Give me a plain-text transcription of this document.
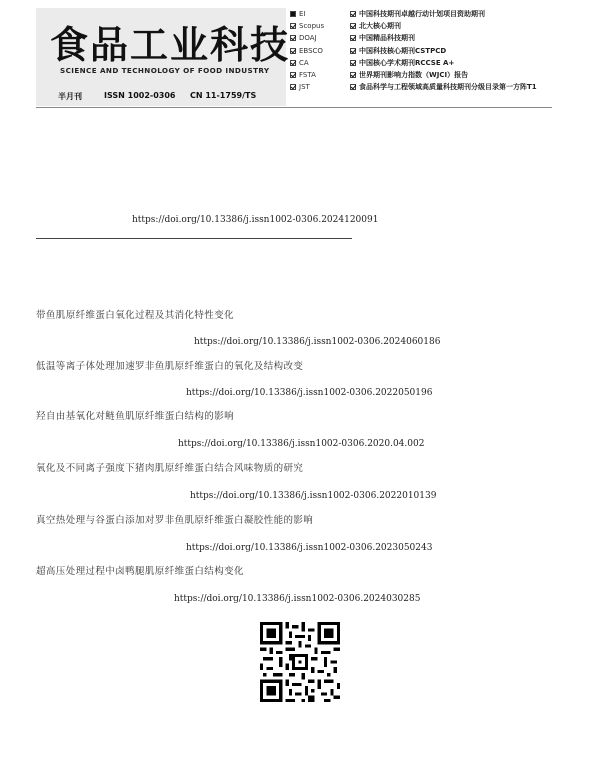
食品工业科技
SCIENCE AND TECHNOLOGY OF FOOD INDUSTRY
半月刊	ISSN 1002-0306 CN 11-1759/TS
EI
Scopus
DOAJ
EBSCO
CA
FSTA
JST
中国科技期刊卓越行动计划项目资助期刊
北大核心期刊
中国精品科技期刊
中国科技核心期刊CSTPCD
中国核心学术期刊RCCSE A+
世界期刊影响力指数（WJCI）报告
食品科学与工程领域高质量科技期刊分级目录第一方阵T1
https://doi.org/10.13386/j.issn1002-0306.2024120091
带鱼肌原纤维蛋白氧化过程及其消化特性变化
https://doi.org/10.13386/j.issn1002-0306.2024060186
低温等离子体处理加速罗非鱼肌原纤维蛋白的氧化及结构改变
https://doi.org/10.13386/j.issn1002-0306.2022050196
羟自由基氧化对鲢鱼肌原纤维蛋白结构的影响
https://doi.org/10.13386/j.issn1002-0306.2020.04.002
氧化及不同离子强度下猪肉肌原纤维蛋白结合风味物质的研究
https://doi.org/10.13386/j.issn1002-0306.2022010139
真空热处理与谷蛋白添加对罗非鱼肌原纤维蛋白凝胶性能的影响
https://doi.org/10.13386/j.issn1002-0306.2023050243
超高压处理过程中卤鸭腿肌原纤维蛋白结构变化
https://doi.org/10.13386/j.issn1002-0306.2024030285
